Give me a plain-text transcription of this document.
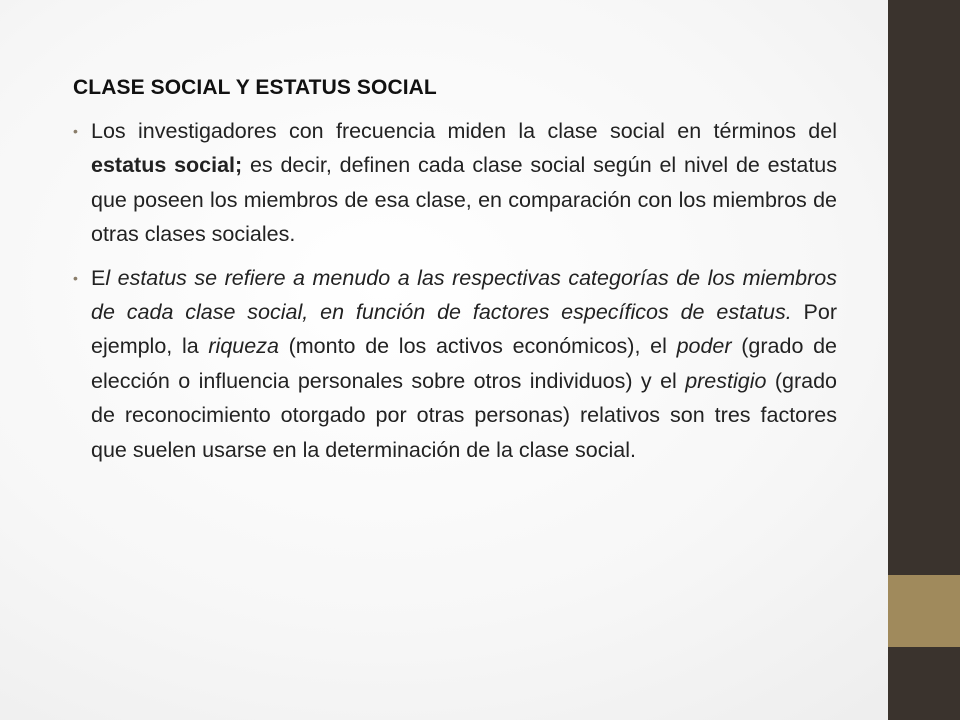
CLASE SOCIAL Y ESTATUS SOCIAL
• Los investigadores con frecuencia miden la clase social en términos del estatus social; es decir, definen cada clase social según el nivel de estatus que poseen los miembros de esa clase, en comparación con los miembros de otras clases sociales.
• El estatus se refiere a menudo a las respectivas categorías de los miembros de cada clase social, en función de factores específicos de estatus. Por ejemplo, la riqueza (monto de los activos económicos), el poder (grado de elección o influencia personales sobre otros individuos) y el prestigio (grado de reconocimiento otorgado por otras personas) relativos son tres factores que suelen usarse en la determinación de la clase social.
